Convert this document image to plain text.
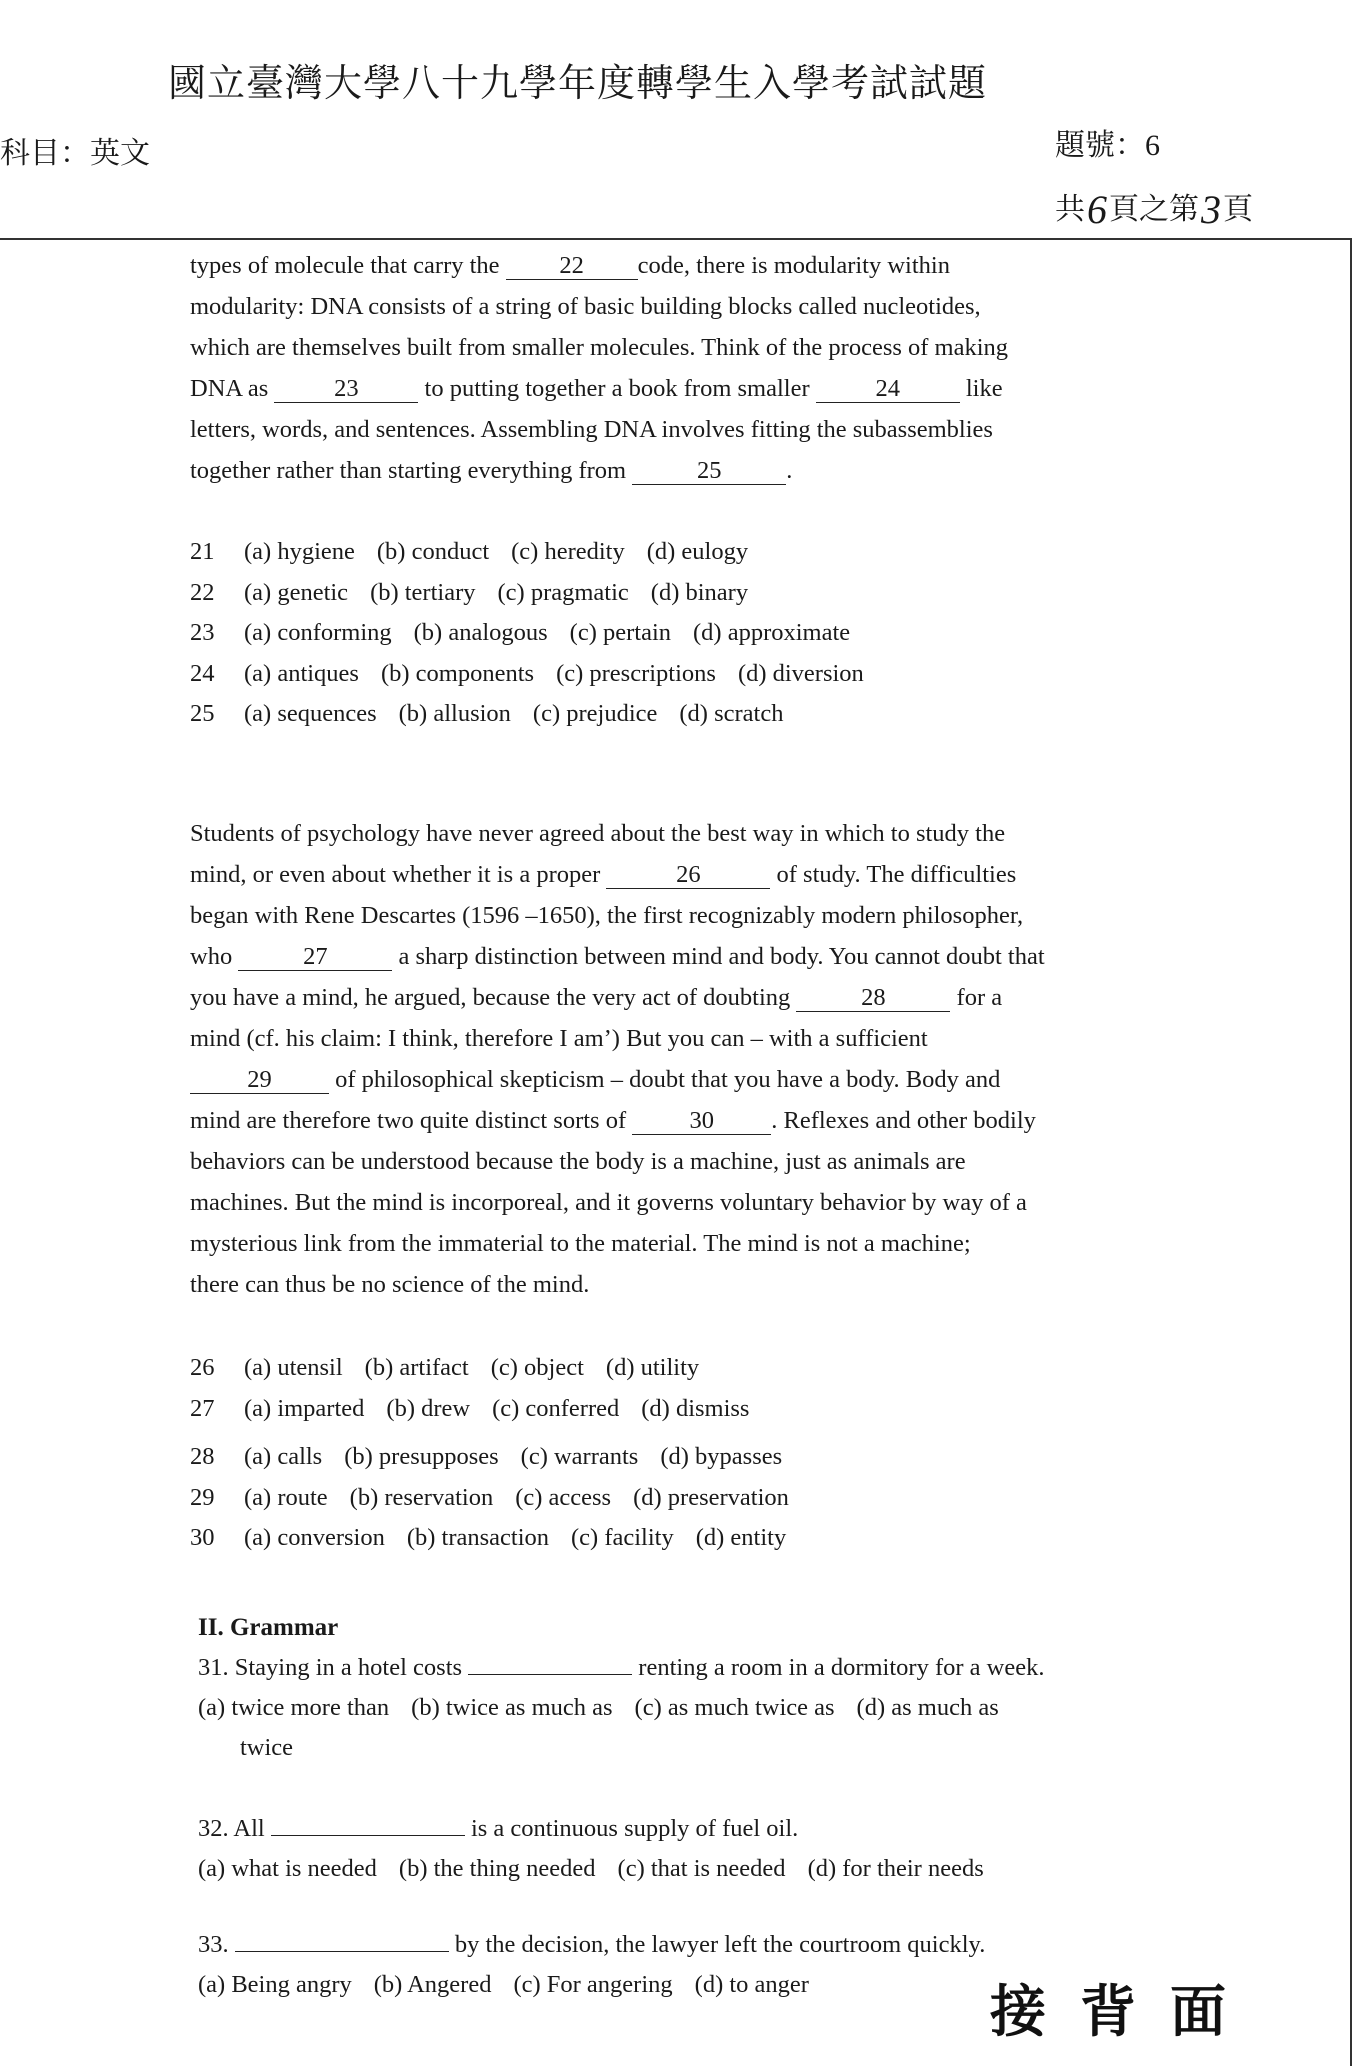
國立臺灣大學八十九學年度轉學生入學考試試題
科目：英文	題號：6
共6頁之第3頁
types of molecule that carry the 22 code, there is modularity within
modularity: DNA consists of a string of basic building blocks called nucleotides,
which are themselves built from smaller molecules. Think of the process of making
DNA as 23 to putting together a book from smaller 24 like
letters, words, and sentences. Assembling DNA involves fitting the subassemblies
together rather than starting everything from	25	.
21 (a) hygiene (b) conduct (c) heredity (d) eulogy
22 (a) genetic (b) tertiary (c) pragmatic (d) binary
23 (a) conforming (b) analogous (c) pertain (d) approximate
24 (a) antiques (b) components (c) prescriptions (d) diversion
25 (a) sequences (b) allusion (c) prejudice (d) scratch
Students of psychology have never agreed about the best way in which to study the
mind, or even about whether it is a proper	26	of study. The difficulties
began with Rene Descartes (1596 –1650), the first recognizably modern philosopher,
who	27	a sharp distinction between mind and body. You cannot doubt that
you have a mind, he argued, because the very act of doubting	28	for a
mind (cf. his claim: I think, therefore I am’) But you can – with a sufficient
29 of philosophical skepticism – doubt that you have a body. Body and
mind are therefore two quite distinct sorts of 30 . Reflexes and other bodily
behaviors can be understood because the body is a machine, just as animals are
machines. But the mind is incorporeal, and it governs voluntary behavior by way of a
mysterious link from the immaterial to the material. The mind is not a machine;
there can thus be no science of the mind.
26 (a) utensil (b) artifact (c) object (d) utility
27 (a) imparted (b) drew (c) conferred (d) dismiss
28 (a) calls (b) presupposes (c) warrants (d) bypasses
29 (a) route (b) reservation (c) access (d) preservation
30 (a) conversion (b) transaction (c) facility (d) entity
II. Grammar
31. Staying in a hotel costs	renting a room in a dormitory for a week.
(a) twice more than (b) twice as much as (c) as much twice as (d) as much as
twice
32. All	is a continuous supply of fuel oil.
(a) what is needed (b) the thing needed (c) that is needed (d) for their needs
33.	by the decision, the lawyer left the courtroom quickly.
(a) Being angry (b) Angered (c) For angering (d) to anger	接背面
